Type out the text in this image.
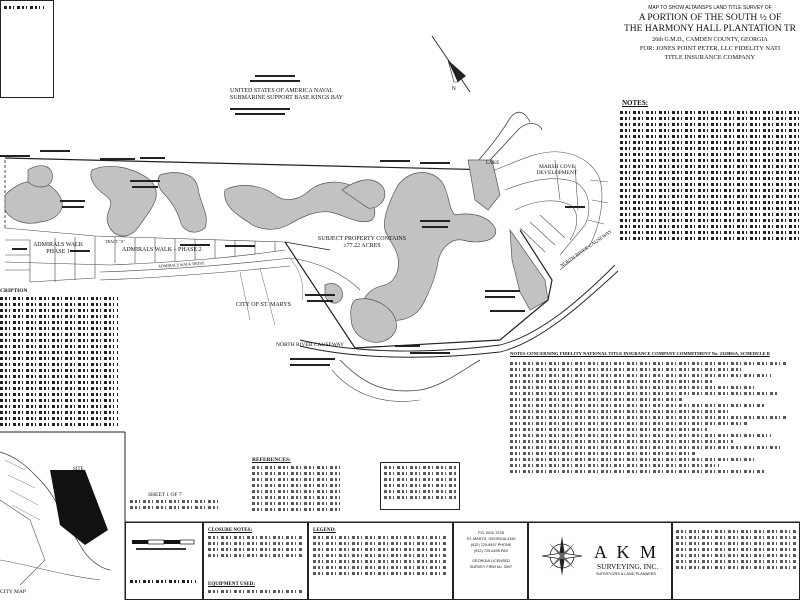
MAP TO SHOW ALTA/NSPS LAND TITLE SURVEY OF
A PORTION OF THE SOUTH ½ OF
THE HARMONY HALL PLANTATION TR
26th G.M.D., CAMDEN COUNTY, GEORGIA
FOR: JONES POINT PETER, LLC FIDELITY NATI
TITLE INSURANCE COMPANY
N
UNITED STATES OF AMERICA NAVAL
SUBMARINE SUPPORT BASE KINGS BAY
SUBJECT PROPERTY CONTAINS
±77.22 ACRES
MARSH COVE
DEVELOPMENT
LAKE
ADMIRALS WALK
PHASE 1	ADMIRALS WALK – PHASE 2
ADMIRALS WALK DRIVE
TRACT "A"
CITY OF ST. MARYS
NORTH RIVER CAUSEWAY
NORTH RIVER CAUSEWAY
CRIPTION
SITE
CITY MAP
NOTES:
NOTES CONCERNING FIDELITY NATIONAL TITLE INSURANCE COMPANY COMMITMENT No. 2320RSA, SCHEDULE B
REFERENCES:
SHEET 1 OF 7
CLOSURE NOTES:
EQUIPMENT USED:
LEGEND:	P.O. BOX 3708
ST. MARYS, GEORGIA 3155
(912) 729-6497 PHONE
(912) 729-6495 FAX
GEORGIA LICENSED
SURVEY FIRM No. 3097
A K M
SURVEYING, INC.
SURVEYORS & LAND PLANNERS
